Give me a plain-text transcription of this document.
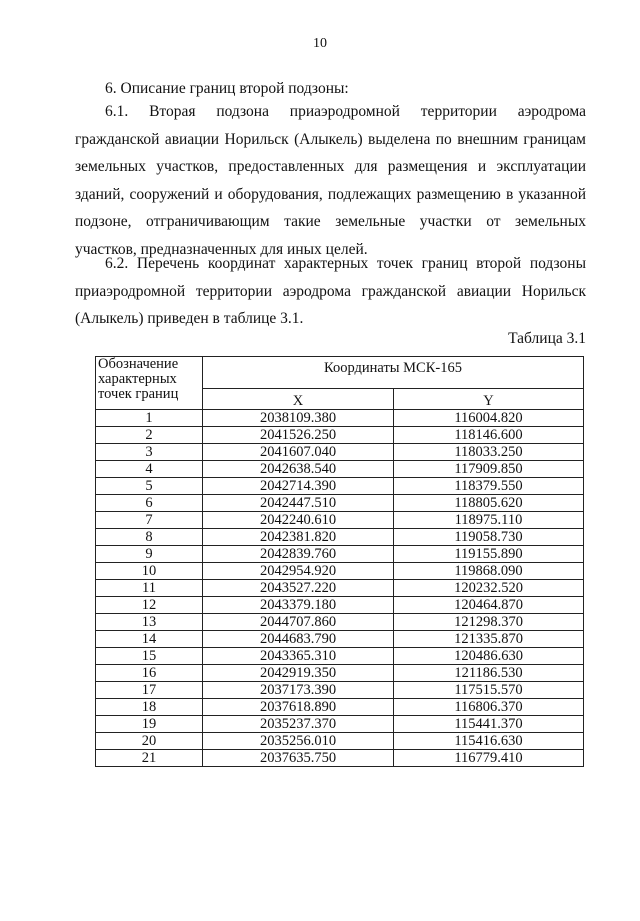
10
6. Описание границ второй подзоны:
6.1. Вторая подзона приаэродромной территории аэродрома гражданской авиации Норильск (Алыкель) выделена по внешним границам земельных участков, предоставленных для размещения и эксплуатации зданий, сооружений и оборудования, подлежащих размещению в указанной подзоне, отграничивающим такие земельные участки от земельных участков, предназначенных для иных целей.
6.2. Перечень координат характерных точек границ второй подзоны приаэродромной территории аэродрома гражданской авиации Норильск (Алыкель) приведен в таблице 3.1.
Таблица 3.1
Обозначение характерных точек границ	Координаты МСК-165	
	X	Y
1	2038109.380	116004.820
2	2041526.250	118146.600
3	2041607.040	118033.250
4	2042638.540	117909.850
5	2042714.390	118379.550
6	2042447.510	118805.620
7	2042240.610	118975.110
8	2042381.820	119058.730
9	2042839.760	119155.890
10	2042954.920	119868.090
11	2043527.220	120232.520
12	2043379.180	120464.870
13	2044707.860	121298.370
14	2044683.790	121335.870
15	2043365.310	120486.630
16	2042919.350	121186.530
17	2037173.390	117515.570
18	2037618.890	116806.370
19	2035237.370	115441.370
20	2035256.010	115416.630
21	2037635.750	116779.410
